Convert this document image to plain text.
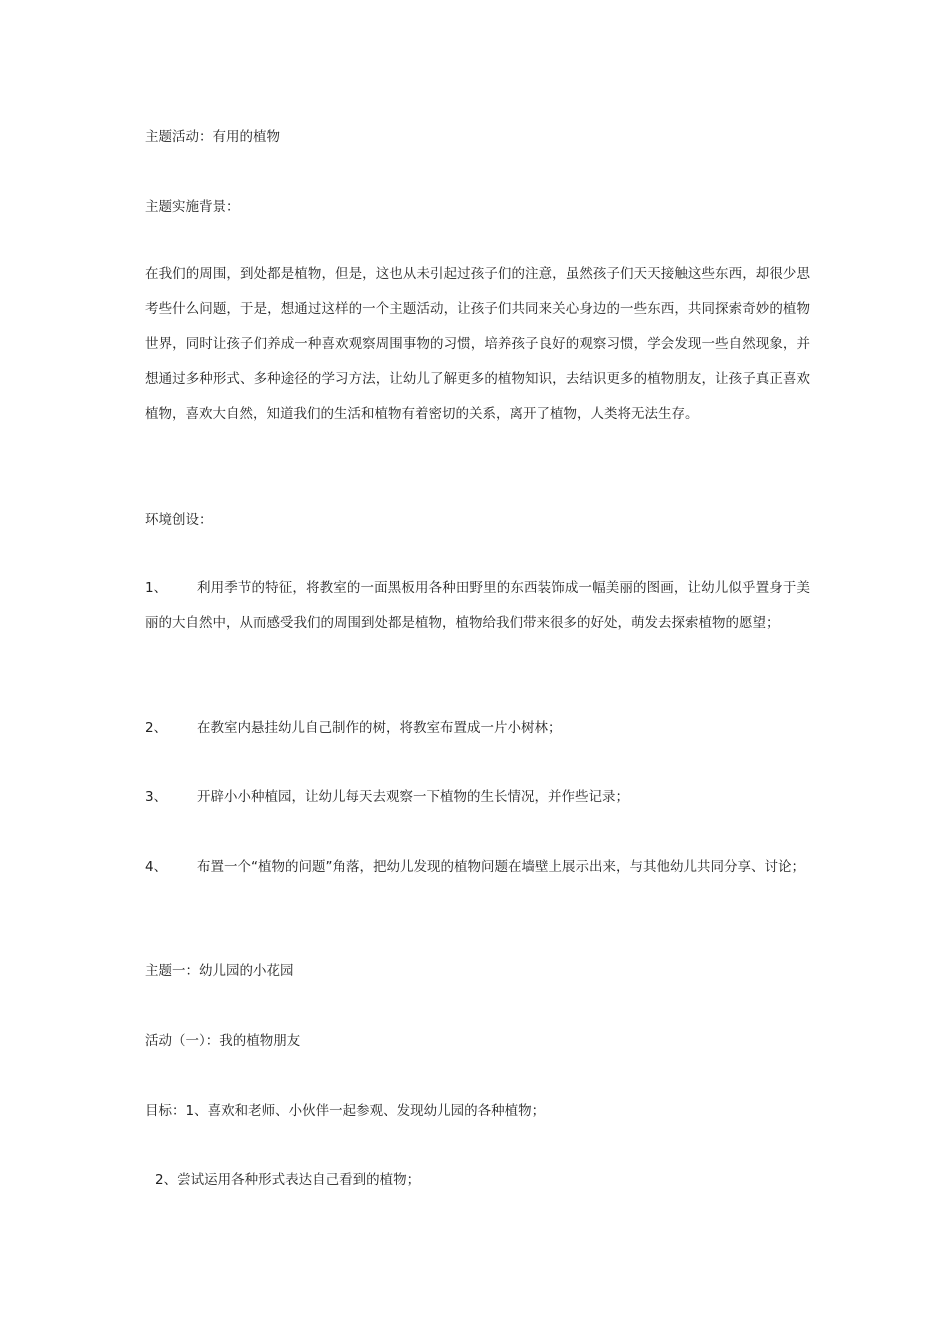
主题活动：有用的植物
主题实施背景：

在我们的周围，到处都是植物，但是，这也从未引起过孩子们的注意，虽然孩子们天天接触这些东西，却很少思考些什么问题，于是，想通过这样的一个主题活动，让孩子们共同来关心身边的一些东西，共同探索奇妙的植物世界，同时让孩子们养成一种喜欢观察周围事物的习惯，培养孩子良好的观察习惯，学会发现一些自然现象，并想通过多种形式、多种途径的学习方法，让幼儿了解更多的植物知识，去结识更多的植物朋友，让孩子真正喜欢植物，喜欢大自然，知道我们的生活和植物有着密切的关系，离开了植物，人类将无法生存。

环境创设：
1、	利用季节的特征，将教室的一面黑板用各种田野里的东西装饰成一幅美丽的图画，让幼儿似乎置身于美丽的大自然中，从而感受我们的周围到处都是植物，植物给我们带来很多的好处，萌发去探索植物的愿望；

2、	在教室内悬挂幼儿自己制作的树，将教室布置成一片小树林；

3、	开辟小小种植园，让幼儿每天去观察一下植物的生长情况，并作些记录；

4、	布置一个“植物的问题”角落，把幼儿发现的植物问题在墙壁上展示出来，与其他幼儿共同分享、讨论；

主题一：幼儿园的小花园
活动（一）：我的植物朋友
目标：1、喜欢和老师、小伙伴一起参观、发现幼儿园的各种植物；
2、尝试运用各种形式表达自己看到的植物；
